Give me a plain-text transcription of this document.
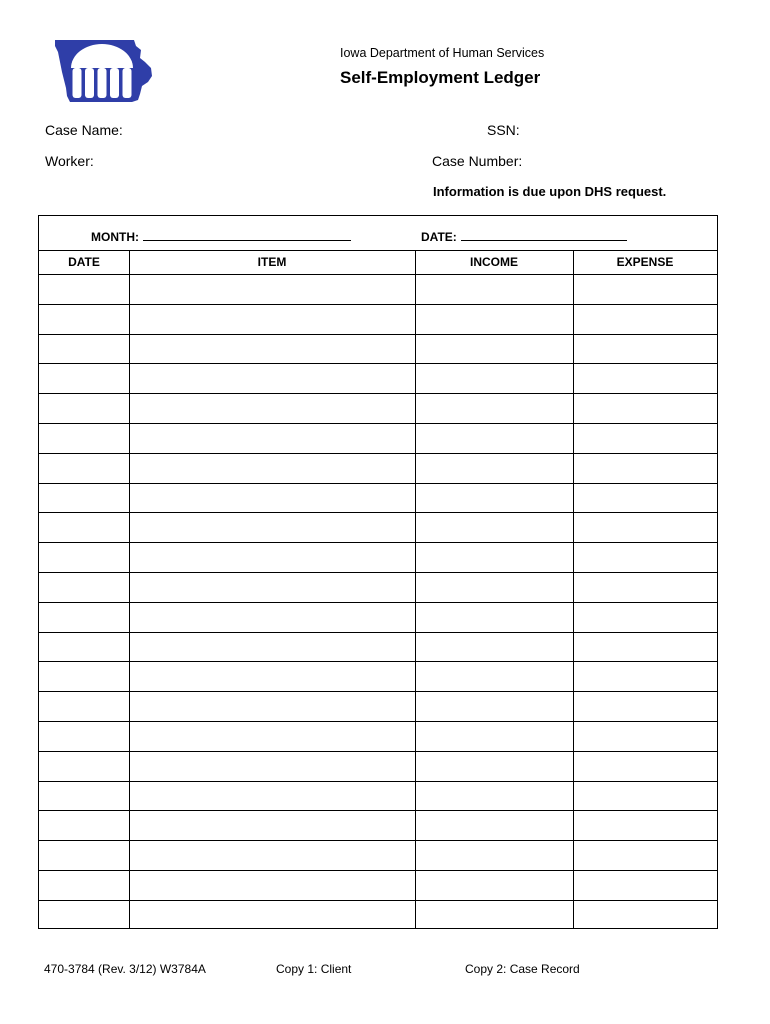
Iowa Department of Human Services
Self-Employment Ledger
Case Name:	SSN:
Worker:	Case Number:
Information is due upon DHS request.
MONTH:	DATE:
DATE	ITEM	INCOME	EXPENSE
470-3784 (Rev. 3/12) W3784A	Copy 1: Client	Copy 2: Case Record
